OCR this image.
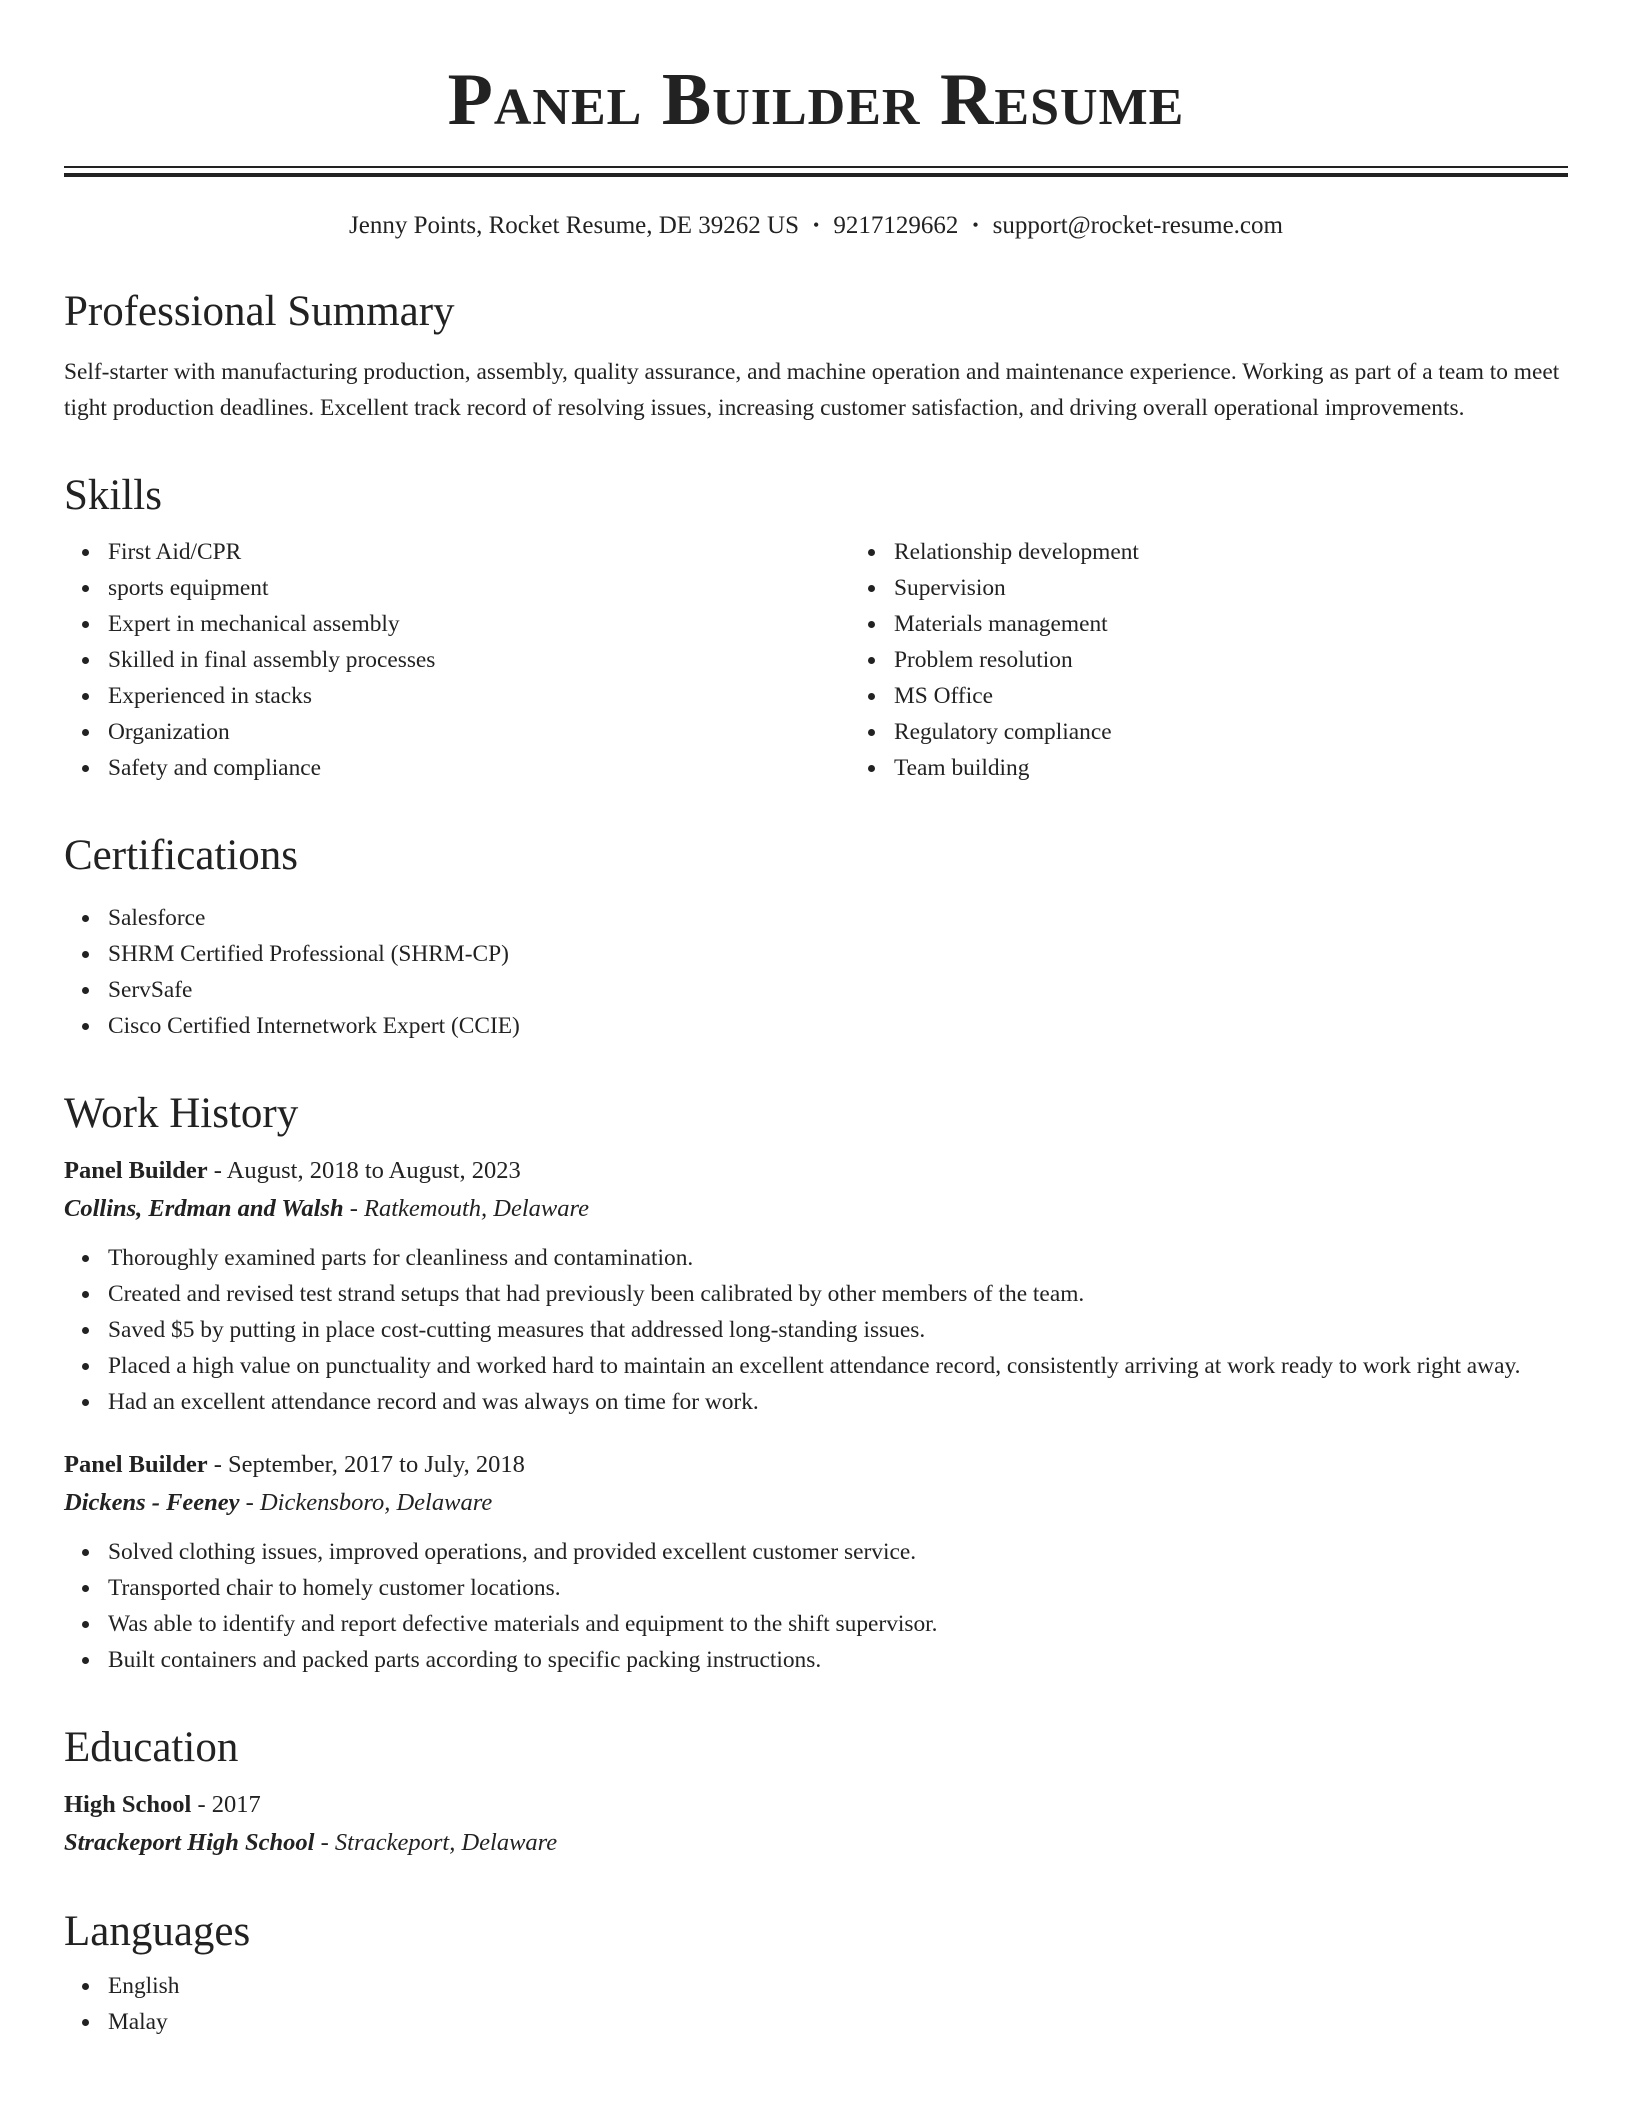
Panel Builder Resume
Jenny Points, Rocket Resume, DE 39262 US • 9217129662 • support@rocket-resume.com
Professional Summary

Self-starter with manufacturing production, assembly, quality assurance, and machine operation and maintenance experience. Working as part of a team to meet tight production deadlines. Excellent track record of resolving issues, increasing customer satisfaction, and driving overall operational improvements.

Skills
First Aid/CPR
sports equipment
Expert in mechanical assembly
Skilled in final assembly processes
Experienced in stacks
Organization
Safety and compliance
Relationship development
Supervision
Materials management
Problem resolution
MS Office
Regulatory compliance
Team building
Certifications
Salesforce
SHRM Certified Professional (SHRM-CP)
ServSafe
Cisco Certified Internetwork Expert (CCIE)
Work History
Panel Builder - August, 2018 to August, 2023
Collins, Erdman and Walsh - Ratkemouth, Delaware
Thoroughly examined parts for cleanliness and contamination.
Created and revised test strand setups that had previously been calibrated by other members of the team.
Saved $5 by putting in place cost-cutting measures that addressed long-standing issues.
Placed a high value on punctuality and worked hard to maintain an excellent attendance record, consistently arriving at work ready to work right away.
Had an excellent attendance record and was always on time for work.
Panel Builder - September, 2017 to July, 2018
Dickens - Feeney - Dickensboro, Delaware
Solved clothing issues, improved operations, and provided excellent customer service.
Transported chair to homely customer locations.
Was able to identify and report defective materials and equipment to the shift supervisor.
Built containers and packed parts according to specific packing instructions.
Education
High School - 2017
Strackeport High School - Strackeport, Delaware
Languages
English
Malay
